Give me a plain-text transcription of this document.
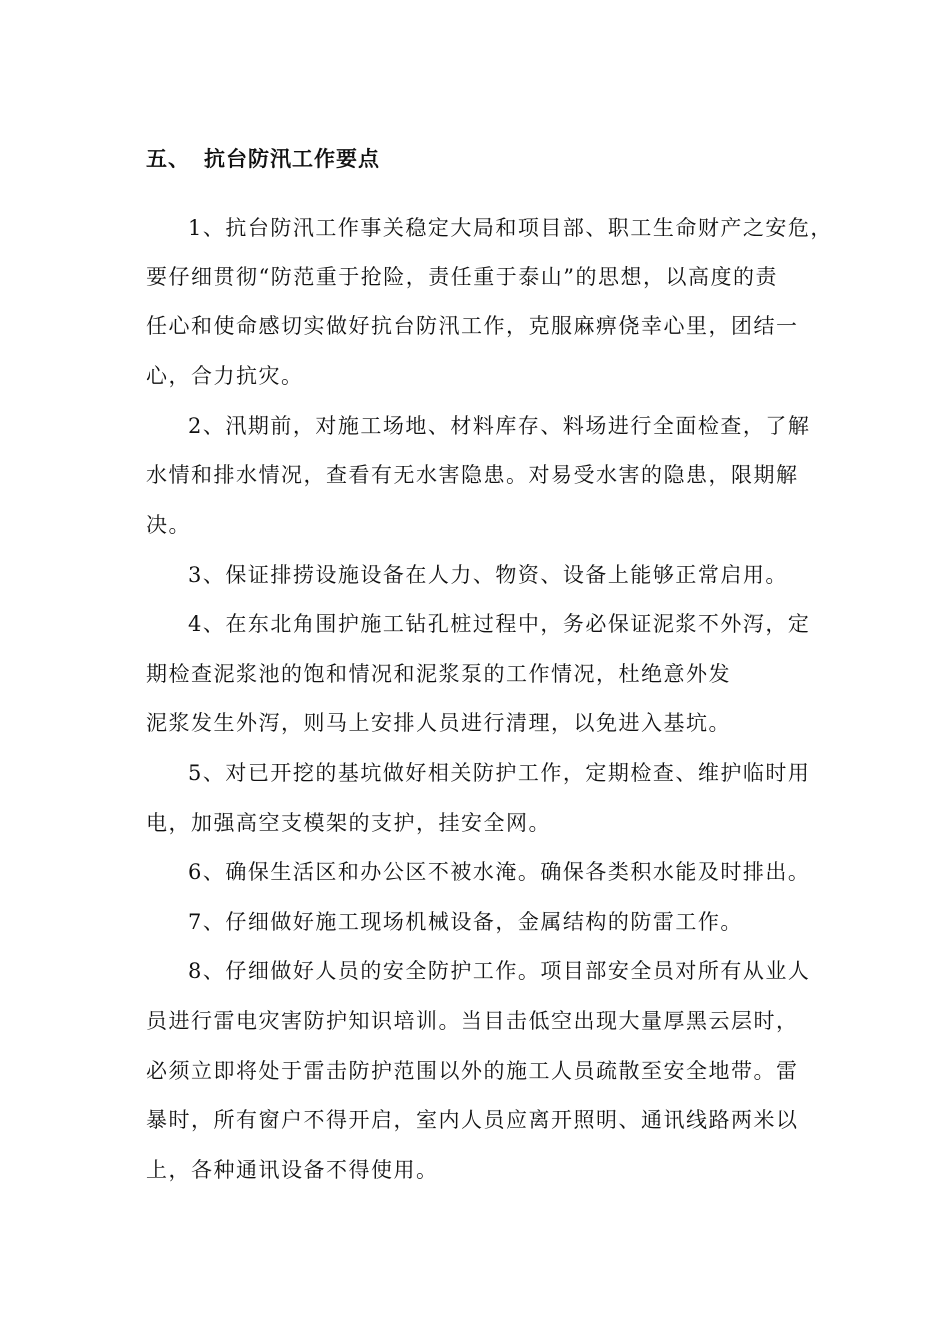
五、 抗台防汛工作要点
1、抗台防汛工作事关稳定大局和项目部、职工生命财产之安危，
要仔细贯彻“防范重于抢险，责任重于泰山”的思想，以高度的责
任心和使命感切实做好抗台防汛工作，克服麻痹侥幸心里，团结一
心，合力抗灾。
2、汛期前，对施工场地、材料库存、料场进行全面检查，了解
水情和排水情况，查看有无水害隐患。对易受水害的隐患，限期解
决。
3、保证排捞设施设备在人力、物资、设备上能够正常启用。
4、在东北角围护施工钻孔桩过程中，务必保证泥浆不外泻，定
期检查泥浆池的饱和情况和泥浆泵的工作情况，杜绝意外发
泥浆发生外泻，则马上安排人员进行清理，以免进入基坑。
5、对已开挖的基坑做好相关防护工作，定期检查、维护临时用
电，加强高空支模架的支护，挂安全网。
6、确保生活区和办公区不被水淹。确保各类积水能及时排出。
7、仔细做好施工现场机械设备，金属结构的防雷工作。
8、仔细做好人员的安全防护工作。项目部安全员对所有从业人
员进行雷电灾害防护知识培训。当目击低空出现大量厚黑云层时，
必须立即将处于雷击防护范围以外的施工人员疏散至安全地带。雷
暴时，所有窗户不得开启，室内人员应离开照明、通讯线路两米以
上，各种通讯设备不得使用。
